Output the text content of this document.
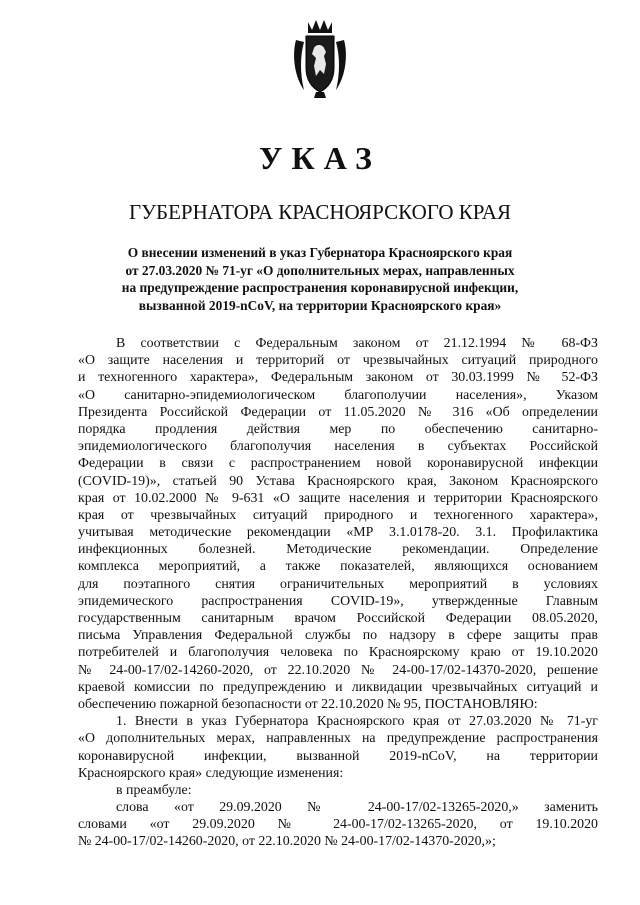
УКАЗ
ГУБЕРНАТОРА КРАСНОЯРСКОГО КРАЯ
О внесении изменений в указ Губернатора Красноярского края
от 27.03.2020 № 71-уг «О дополнительных мерах, направленных
на предупреждение распространения коронавирусной инфекции,
вызванной 2019-nCoV, на территории Красноярского края»
В соответствии с Федеральным законом от 21.12.1994 № 68-ФЗ
«О защите населения и территорий от чрезвычайных ситуаций природного
и техногенного характера», Федеральным законом от 30.03.1999 № 52-ФЗ
«О санитарно-эпидемиологическом благополучии населения», Указом
Президента Российской Федерации от 11.05.2020 № 316 «Об определении
порядка продления действия мер по обеспечению санитарно-
эпидемиологического благополучия населения в субъектах Российской
Федерации в связи с распространением новой коронавирусной инфекции
(COVID-19)», статьей 90 Устава Красноярского края, Законом Красноярского
края от 10.02.2000 № 9-631 «О защите населения и территории Красноярского
края от чрезвычайных ситуаций природного и техногенного характера»,
учитывая методические рекомендации «МР 3.1.0178-20. 3.1. Профилактика
инфекционных болезней. Методические рекомендации. Определение
комплекса мероприятий, а также показателей, являющихся основанием
для поэтапного снятия ограничительных мероприятий в условиях
эпидемического распространения COVID-19», утвержденные Главным
государственным санитарным врачом Российской Федерации 08.05.2020,
письма Управления Федеральной службы по надзору в сфере защиты прав
потребителей и благополучия человека по Красноярскому краю от 19.10.2020
№ 24-00-17/02-14260-2020, от 22.10.2020 № 24-00-17/02-14370-2020, решение
краевой комиссии по предупреждению и ликвидации чрезвычайных ситуаций и
обеспечению пожарной безопасности от 22.10.2020 № 95, ПОСТАНОВЛЯЮ:
1. Внести в указ Губернатора Красноярского края от 27.03.2020 № 71-уг
«О дополнительных мерах, направленных на предупреждение распространения
коронавирусной инфекции, вызванной 2019-nCoV, на территории
Красноярского края» следующие изменения:
в преамбуле:
слова «от 29.09.2020 № 24-00-17/02-13265-2020,» заменить
словами «от 29.09.2020 № 24-00-17/02-13265-2020, от 19.10.2020
№ 24-00-17/02-14260-2020, от 22.10.2020 № 24-00-17/02-14370-2020,»;
